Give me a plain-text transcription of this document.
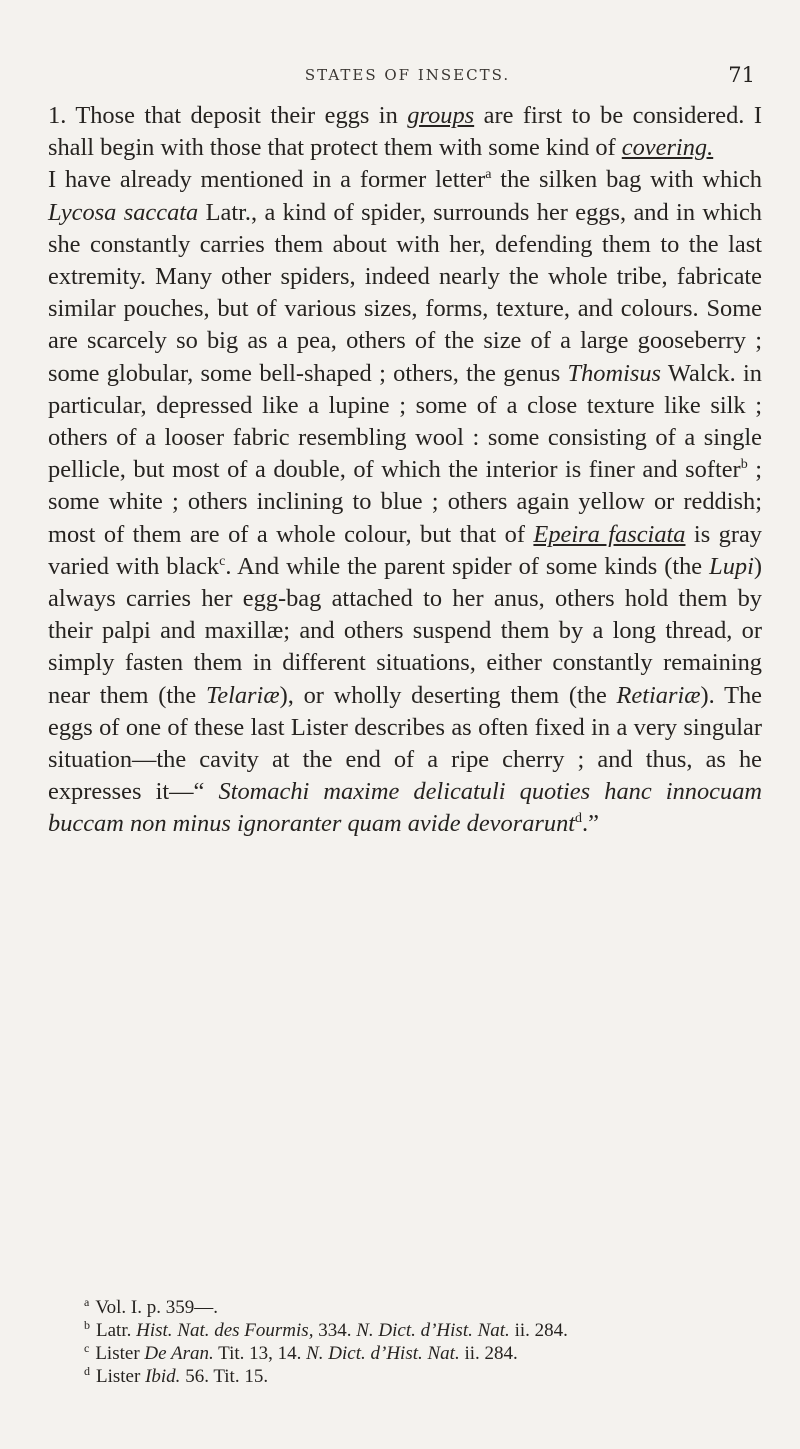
STATES OF INSECTS.	71

1. Those that deposit their eggs in groups are first to be considered. I shall begin with those that protect them with some kind of covering.

I have already mentioned in a former letter$^a$ the silken bag with which Lycosa saccata Latr., a kind of spider, surrounds her eggs, and in which she constantly carries them about with her, defending them to the last extremity. Many other spiders, indeed nearly the whole tribe, fabricate similar pouches, but of various sizes, forms, texture, and colours. Some are scarcely so big as a pea, others of the size of a large gooseberry ; some globular, some bell-shaped ; others, the genus Thomisus Walck. in particular, depressed like a lupine ; some of a close texture like silk ; others of a looser fabric resembling wool : some consisting of a single pellicle, but most of a double, of which the interior is finer and softer$^b$ ; some white ; others inclining to blue ; others again yellow or reddish; most of them are of a whole colour, but that of Epeira fasciata is gray varied with black$^c$. And while the parent spider of some kinds (the Lupi) always carries her egg-bag attached to her anus, others hold them by their palpi and maxillæ; and others suspend them by a long thread, or simply fasten them in different situations, either constantly remaining near them (the Telariæ), or wholly deserting them (the Retiariæ). The eggs of one of these last Lister describes as often fixed in a very singular situation—the cavity at the end of a ripe cherry ; and thus, as he expresses it—“ Stomachi maxime delicatuli quoties hanc innocuam buccam non minus ignoranter quam avide devorarunt$^d$.”

$^a$ Vol. I. p. 359—.
$^b$ Latr. Hist. Nat. des Fourmis, 334. N. Dict. d’Hist. Nat. ii. 284.
$^c$ Lister De Aran. Tit. 13, 14. N. Dict. d’Hist. Nat. ii. 284.
$^d$ Lister Ibid. 56. Tit. 15.
